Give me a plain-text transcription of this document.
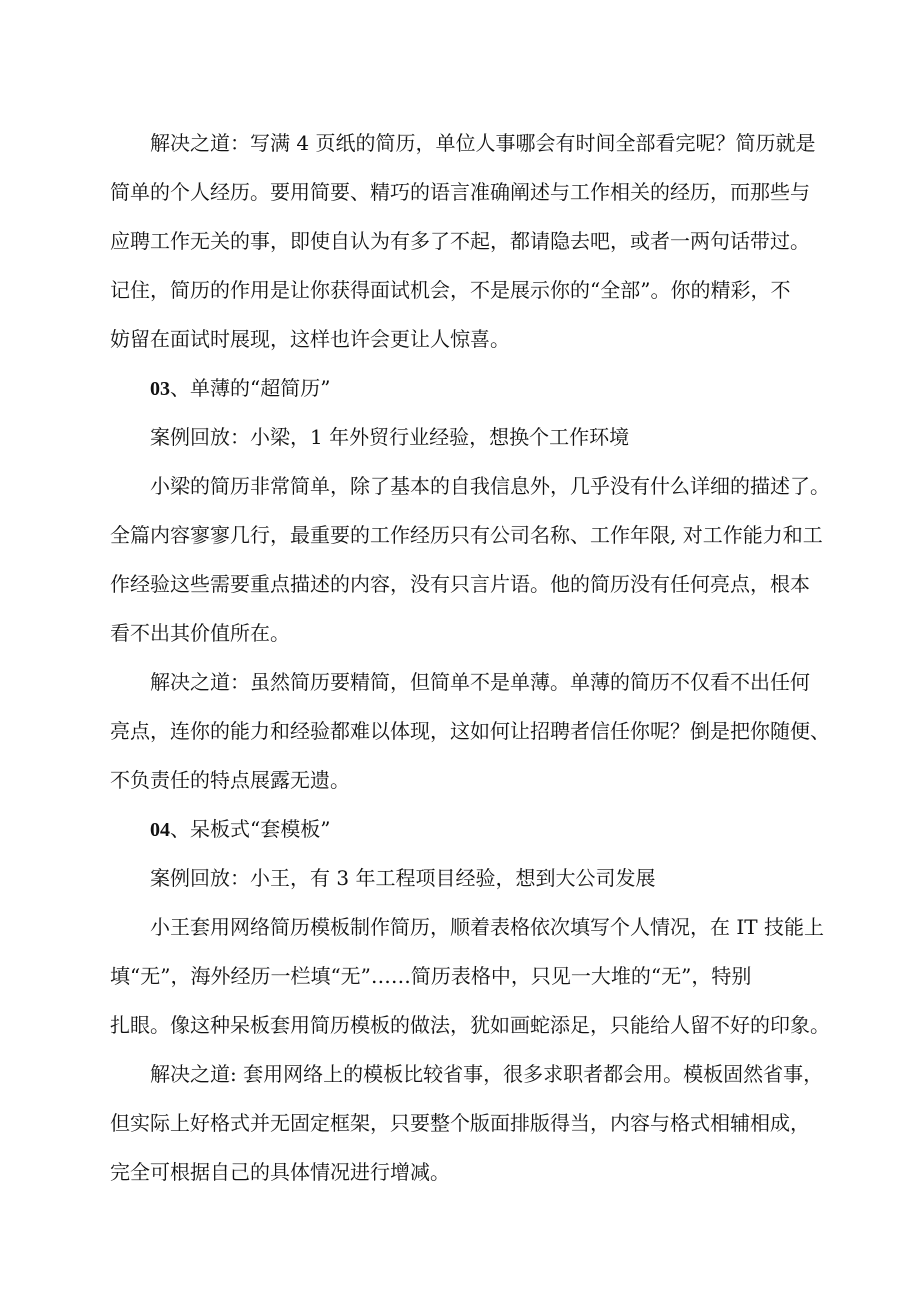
解决之道：写满 4 页纸的简历，单位人事哪会有时间全部看完呢？简历就是

简单的个人经历。要用简要、精巧的语言准确阐述与工作相关的经历，而那些与

应聘工作无关的事，即使自认为有多了不起，都请隐去吧，或者一两句话带过。

记住，简历的作用是让你获得面试机会，不是展示你的“全部”。你的精彩，不

妨留在面试时展现，这样也许会更让人惊喜。

03、单薄的“超简历”

案例回放：小梁，1 年外贸行业经验，想换个工作环境

小梁的简历非常简单，除了基本的自我信息外，几乎没有什么详细的描述了。

全篇内容寥寥几行，最重要的工作经历只有公司名称、工作年限, 对工作能力和工

作经验这些需要重点描述的内容，没有只言片语。他的简历没有任何亮点，根本

看不出其价值所在。

解决之道：虽然简历要精简，但简单不是单薄。单薄的简历不仅看不出任何

亮点，连你的能力和经验都难以体现，这如何让招聘者信任你呢？倒是把你随便、

不负责任的特点展露无遗。

04、呆板式“套模板”

案例回放：小王，有 3 年工程项目经验，想到大公司发展

小王套用网络简历模板制作简历，顺着表格依次填写个人情况，在 IT 技能上

填“无”，海外经历一栏填“无”……简历表格中，只见一大堆的“无”，特别

扎眼。像这种呆板套用简历模板的做法，犹如画蛇添足，只能给人留不好的印象。

解决之道: 套用网络上的模板比较省事，很多求职者都会用。模板固然省事，

但实际上好格式并无固定框架，只要整个版面排版得当，内容与格式相辅相成，

完全可根据自己的具体情况进行增减。
